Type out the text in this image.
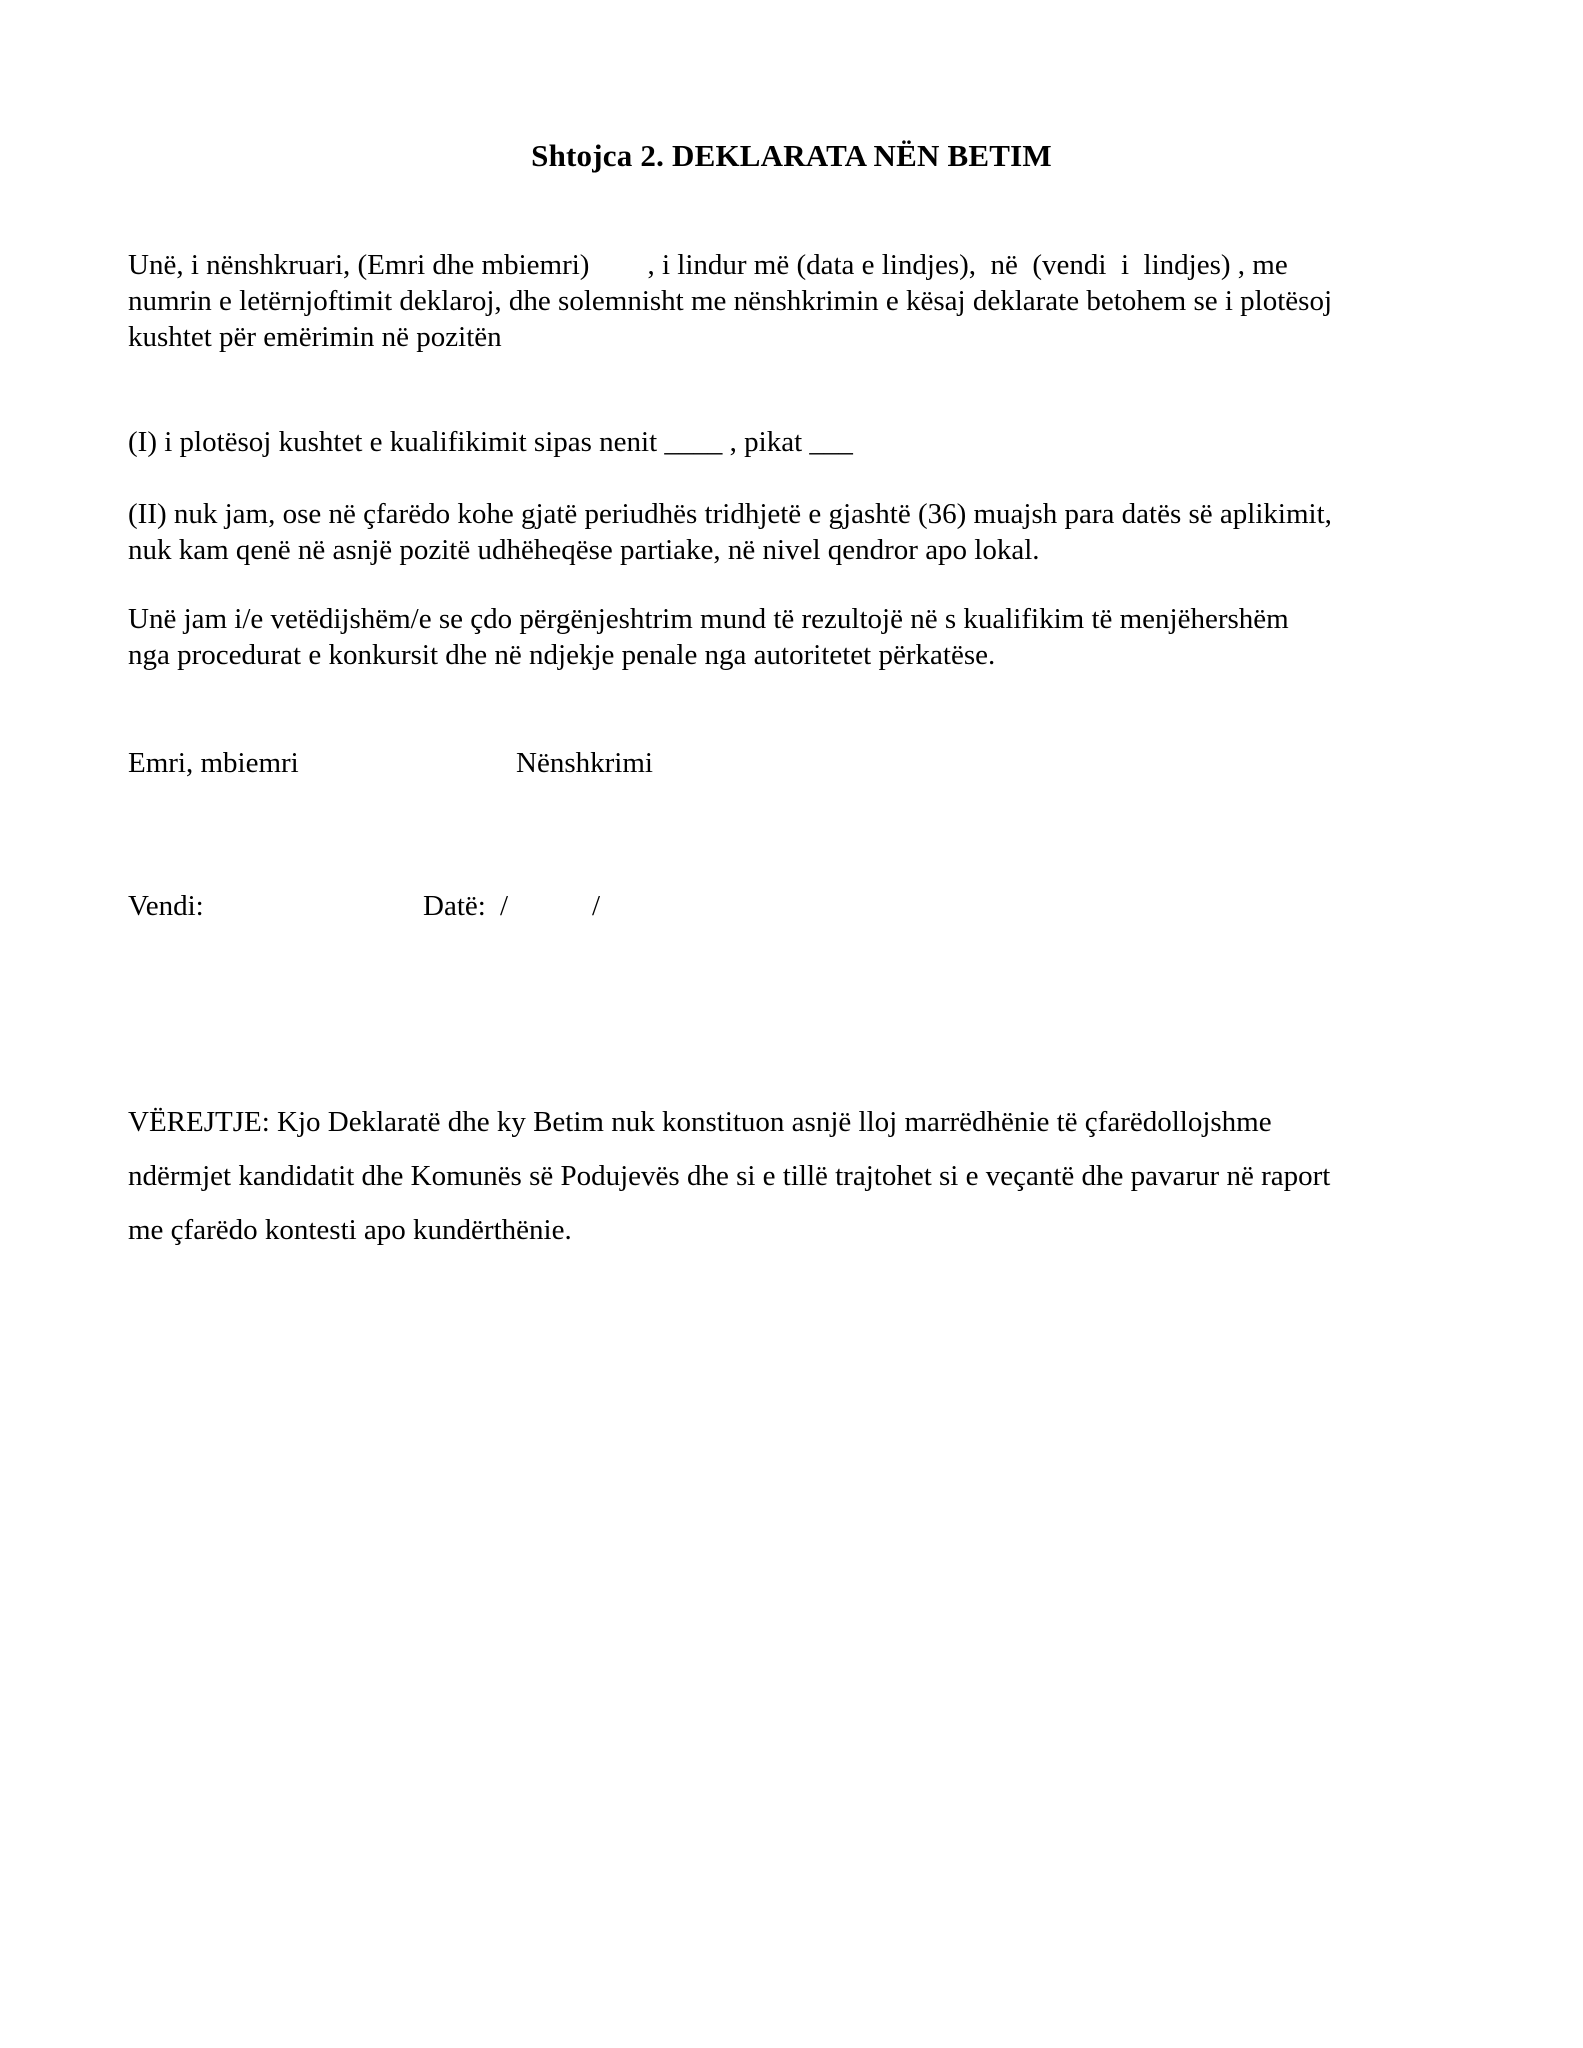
Shtojca 2. DEKLARATA NËN BETIM
Unë, i nënshkruari, (Emri dhe mbiemri)        , i lindur më (data e lindjes),  në  (vendi  i  lindjes) , me
numrin e letërnjoftimit deklaroj, dhe solemnisht me nënshkrimin e kësaj deklarate betohem se i plotësoj
kushtet për emërimin në pozitën
(I) i plotësoj kushtet e kualifikimit sipas nenit ____ , pikat ___
(II) nuk jam, ose në çfarëdo kohe gjatë periudhës tridhjetë e gjashtë (36) muajsh para datës së aplikimit,
nuk kam qenë në asnjë pozitë udhëheqëse partiake, në nivel qendror apo lokal.
Unë jam i/e vetëdijshëm/e se çdo përgënjeshtrim mund të rezultojë në s kualifikim të menjëhershëm
nga procedurat e konkursit dhe në ndjekje penale nga autoritetet përkatëse.
Emri, mbiemri	Nënshkrimi
Vendi:	Datë: /	/
VËREJTJE: Kjo Deklaratë dhe ky Betim nuk konstituon asnjë lloj marrëdhënie të çfarëdollojshme
ndërmjet kandidatit dhe Komunës së Podujevës dhe si e tillë trajtohet si e veçantë dhe pavarur në raport
me çfarëdo kontesti apo kundërthënie.
